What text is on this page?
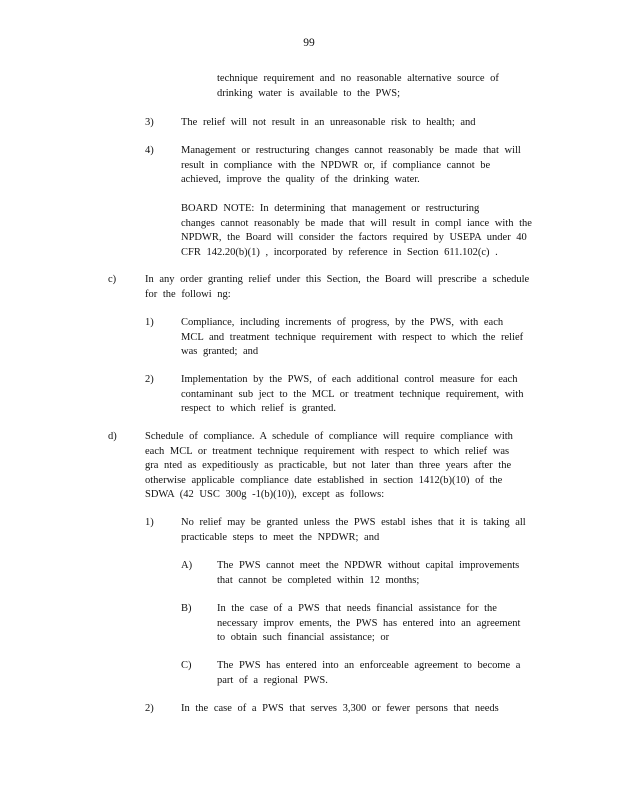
99
technique requirement and no reasonable alternative source of
drinking water is available to the PWS;
3)	The relief will not result in an unreasonable risk to health; and
4)	Management or restructuring changes cannot reasonably be made that will
result in compliance with the NPDWR or, if compliance cannot be
achieved, improve the quality of the drinking water.
BOARD NOTE: In determining that management or restructuring
changes cannot reasonably be made that will result in compl iance with the
NPDWR, the Board will consider the factors required by USEPA under 40
CFR 142.20(b)(1) , incorporated by reference in Section 611.102(c) .
c)	In any order granting relief under this Section, the Board will prescribe a schedule
for the followi ng:
1)	Compliance, including increments of progress, by the PWS, with each
MCL and treatment technique requirement with respect to which the relief
was granted; and
2)	Implementation by the PWS, of each additional control measure for each
contaminant sub ject to the MCL or treatment technique requirement, with
respect to which relief is granted.
d)	Schedule of compliance. A schedule of compliance will require compliance with
each MCL or treatment technique requirement with respect to which relief was
gra nted as expeditiously as practicable, but not later than three years after the
otherwise applicable compliance date established in section 1412(b)(10) of the
SDWA (42 USC 300g -1(b)(10)), except as follows:
1)	No relief may be granted unless the PWS establ ishes that it is taking all
practicable steps to meet the NPDWR; and
A) The PWS cannot meet the NPDWR without capital improvements
that cannot be completed within 12 months;
B) In the case of a PWS that needs financial assistance for the
necessary improv ements, the PWS has entered into an agreement
to obtain such financial assistance; or
C) The PWS has entered into an enforceable agreement to become a
part of a regional PWS.
2)	In the case of a PWS that serves 3,300 or fewer persons that needs
